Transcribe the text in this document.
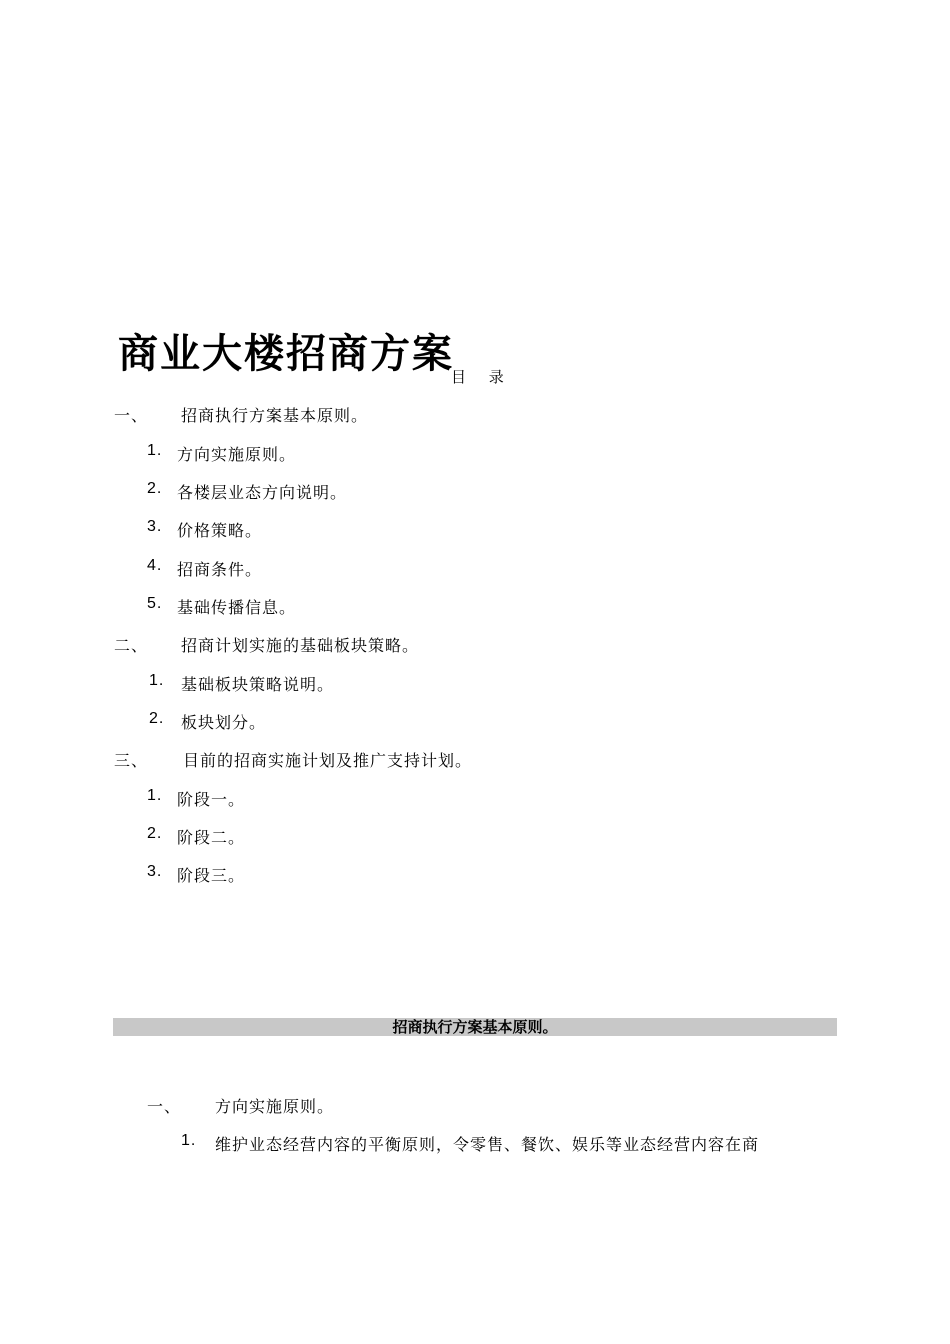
商业大楼招商方案
目 录
一、 招商执行方案基本原则。
1. 方向实施原则。
2. 各楼层业态方向说明。
3. 价格策略。
4. 招商条件。
5. 基础传播信息。
二、 招商计划实施的基础板块策略。
1. 基础板块策略说明。
2. 板块划分。
三、 目前的招商实施计划及推广支持计划。
1. 阶段一。
2. 阶段二。
3. 阶段三。
招商执行方案基本原则。
一、 方向实施原则。
1. 维护业态经营内容的平衡原则，令零售、餐饮、娱乐等业态经营内容在商
